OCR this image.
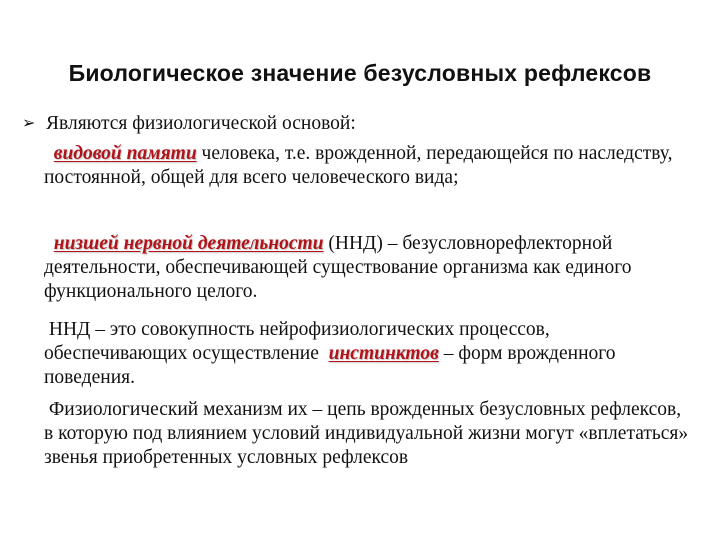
Биологическое значение безусловных рефлексов
➢ Являются физиологической основой:
видовой памяти человека, т.е. врожденной, передающейся по наследству, постоянной, общей для всего человеческого вида;
низшей нервной деятельности (ННД) – безусловнорефлекторной деятельности, обеспечивающей существование организма как единого функционального целого.
ННД – это совокупность нейрофизиологических процессов, обеспечивающих осуществление  инстинктов – форм врожденного поведения.
Физиологический механизм их – цепь врожденных безусловных рефлексов, в которую под влиянием условий индивидуальной жизни могут «вплетаться» звенья приобретенных условных рефлексов
